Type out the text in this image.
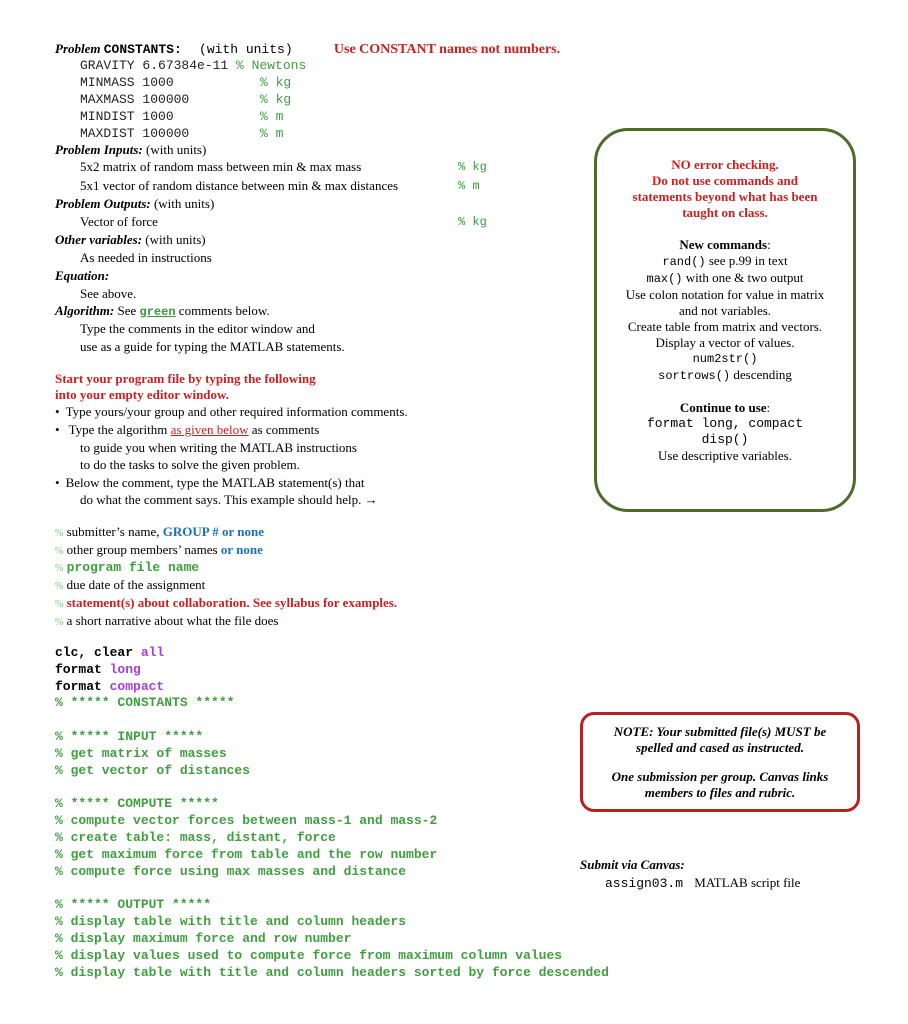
Problem CONSTANTS: (with units)	Use CONSTANT names not numbers.
GRAVITY 6.67384e-11 % Newtons
MINMASS 1000	% kg
MAXMASS 100000	% kg
MINDIST 1000	% m
MAXDIST 100000	% m
Problem Inputs: (with units)
5x2 matrix of random mass between min & max mass	% kg
5x1 vector of random distance between min & max distances	% m
Problem Outputs: (with units)
Vector of force	% kg
Other variables: (with units)
As needed in instructions
Equation:
See above.
Algorithm: See green comments below.
Type the comments in the editor window and
use as a guide for typing the MATLAB statements.
Start your program file by typing the following
into your empty editor window.
• Type yours/your group and other required information comments.
• Type the algorithm as given below as comments
to guide you when writing the MATLAB instructions
to do the tasks to solve the given problem.
• Below the comment, type the MATLAB statement(s) that
do what the comment says. This example should help. →
% submitter’s name, GROUP # or none
% other group members’ names or none
% program file name
% due date of the assignment
% statement(s) about collaboration. See syllabus for examples.
% a short narrative about what the file does
clc, clear all
format long
format compact
% ***** CONSTANTS *****
% ***** INPUT *****
% get matrix of masses
% get vector of distances
% ***** COMPUTE *****
% compute vector forces between mass-1 and mass-2
% create table: mass, distant, force
% get maximum force from table and the row number
% compute force using max masses and distance
% ***** OUTPUT *****
% display table with title and column headers
% display maximum force and row number
% display values used to compute force from maximum column values
% display table with title and column headers sorted by force descended
NO error checking.
Do not use commands and
statements beyond what has been
taught on class.
New commands:
rand() see p.99 in text
max() with one & two output
Use colon notation for value in matrix
and not variables.
Create table from matrix and vectors.
Display a vector of values.
num2str()
sortrows() descending
Continue to use:
format long, compact
disp()
Use descriptive variables.
NOTE: Your submitted file(s) MUST be
spelled and cased as instructed.
One submission per group. Canvas links
members to files and rubric.
Submit via Canvas:
assign03.m MATLAB script file
